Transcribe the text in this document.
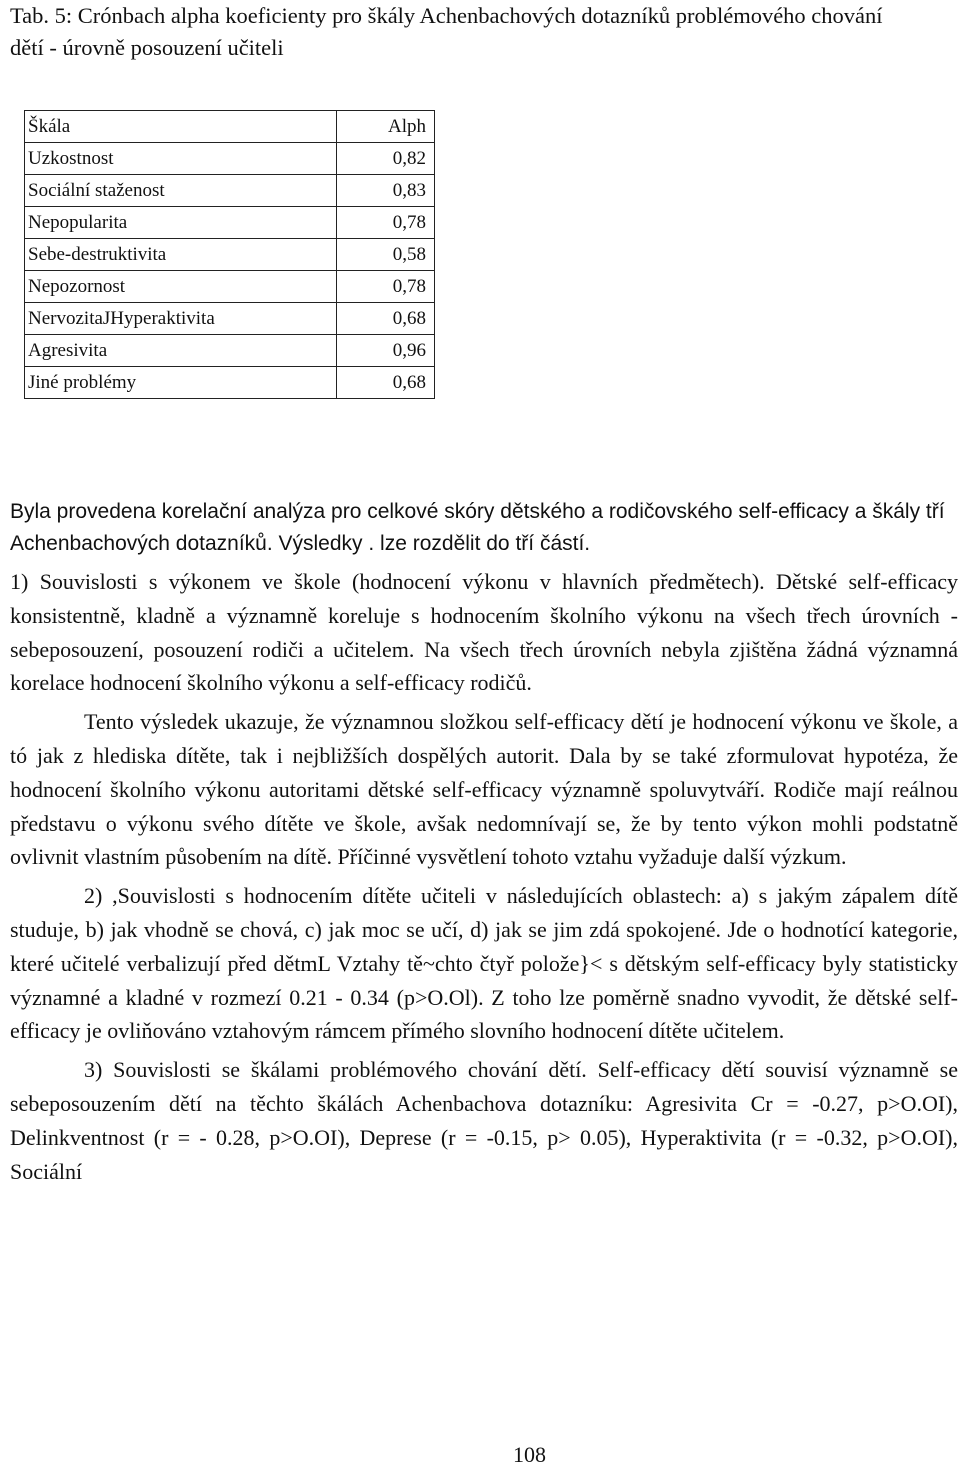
Tab. 5: Crónbach alpha koeficienty pro škály Achenbachových dotazníků problémového chování dětí - úrovně posouzení učiteli
Škála	Alph
Uzkostnost	0,82
Sociální staženost	0,83
Nepopularita	0,78
Sebe-destruktivita	0,58
Nepozornost	0,78
NervozitaJHyperaktivita	0,68
Agresivita	0,96
Jiné problémy	0,68

Byla provedena korelační analýza pro celkové skóry dětského a rodičovského self-efficacy a škály tří Achenbachových dotazníků. Výsledky . lze rozdělit do tří částí.

1) Souvislosti s výkonem ve škole (hodnocení výkonu v hlavních předmětech). Dětské self-efficacy konsistentně, kladně a významně koreluje s hodnocením školního výkonu na všech třech úrovních - sebeposouzení, posouzení rodiči a učitelem. Na všech třech úrovních nebyla zjištěna žádná významná korelace hodnocení školního výkonu a self-efficacy rodičů.

Tento výsledek ukazuje, že významnou složkou self-efficacy dětí je hodnocení výkonu ve škole, a tó jak z hlediska dítěte, tak i nejbližších dospělých autorit. Dala by se také zformulovat hypotéza, že hodnocení školního výkonu autoritami dětské self-efficacy významně spoluvytváří. Rodiče mají reálnou představu o výkonu svého dítěte ve škole, avšak nedomnívají se, že by tento výkon mohli podstatně ovlivnit vlastním působením na dítě. Příčinné vysvětlení tohoto vztahu vyžaduje další výzkum.

2) ,Souvislosti s hodnocením dítěte učiteli v následujících oblastech: a) s jakým zápalem dítě studuje, b) jak vhodně se chová, c) jak moc se učí, d) jak se jim zdá spokojené. Jde o hodnotící kategorie, které učitelé verbalizují před dětmL Vztahy tě~chto čtyř polože}< s dětským self-efficacy byly statisticky významné a kladné v rozmezí 0.21 - 0.34 (p>O.Ol). Z toho lze poměrně snadno vyvodit, že dětské self-efficacy je ovliňováno vztahovým rámcem přímého slovního hodnocení dítěte učitelem.

3) Souvislosti se škálami problémového chování dětí. Self-efficacy dětí souvisí významně se sebeposouzením dětí na těchto škálách Achenbachova dotazníku: Agresivita Cr = -0.27, p>O.OI), Delinkventnost (r = - 0.28, p>O.OI), Deprese (r = -0.15, p> 0.05), Hyperaktivita (r = -0.32, p>O.OI), Sociální

108
